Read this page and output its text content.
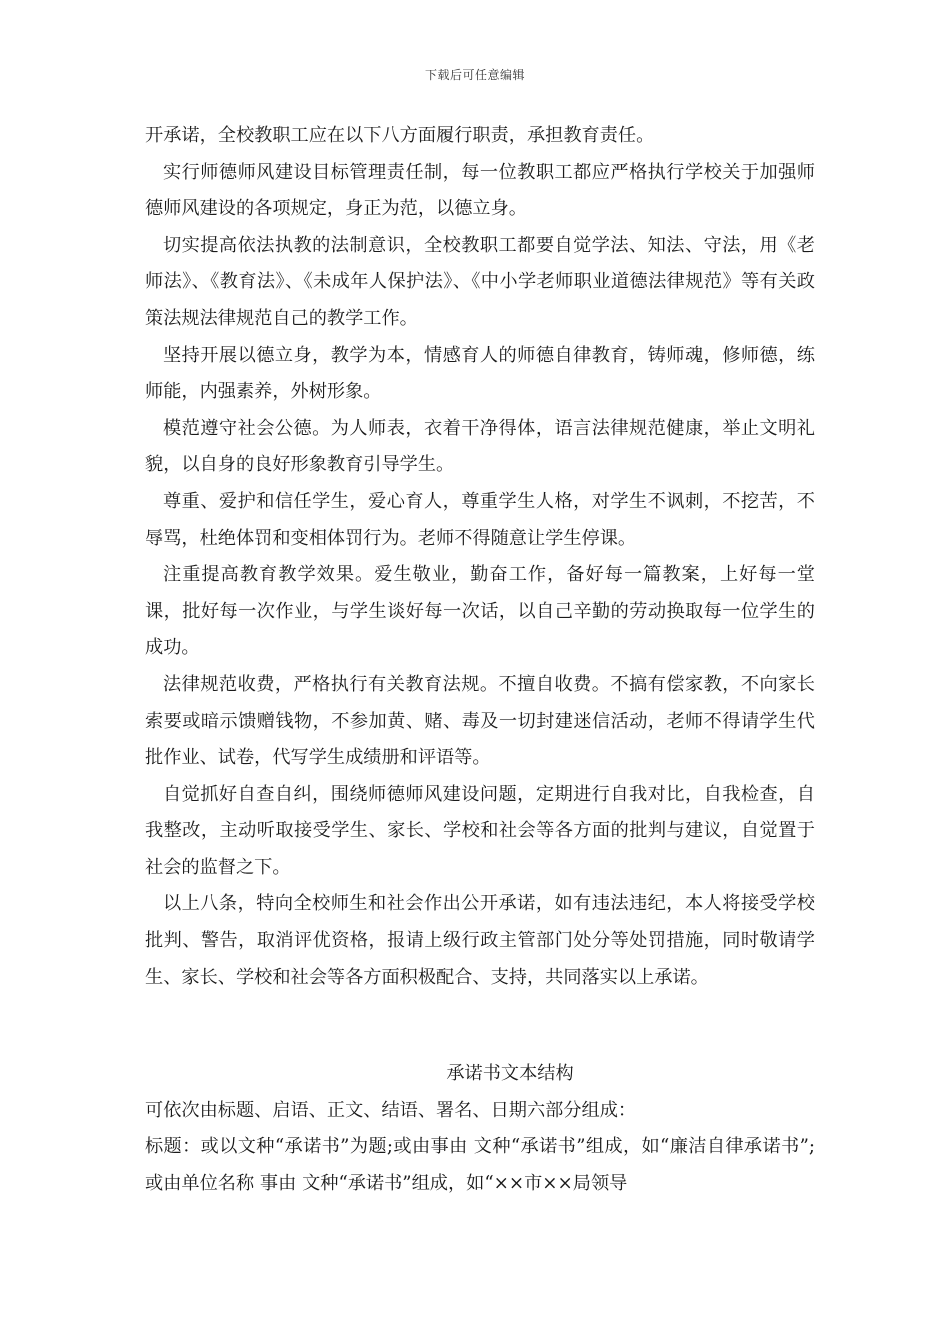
下载后可任意编辑

开承诺，全校教职工应在以下八方面履行职责，承担教育责任。

实行师德师风建设目标管理责任制，每一位教职工都应严格执行学校关于加强师德师风建设的各项规定，身正为范，以德立身。

切实提高依法执教的法制意识，全校教职工都要自觉学法、知法、守法，用《老师法》、《教育法》、《未成年人保护法》、《中小学老师职业道德法律规范》等有关政策法规法律规范自己的教学工作。

坚持开展以德立身，教学为本，情感育人的师德自律教育，铸师魂，修师德，练师能，内强素养，外树形象。

模范遵守社会公德。为人师表，衣着干净得体，语言法律规范健康，举止文明礼貌，以自身的良好形象教育引导学生。

尊重、爱护和信任学生，爱心育人，尊重学生人格，对学生不讽刺，不挖苦，不辱骂，杜绝体罚和变相体罚行为。老师不得随意让学生停课。

注重提高教育教学效果。爱生敬业，勤奋工作，备好每一篇教案，上好每一堂课，批好每一次作业，与学生谈好每一次话，以自己辛勤的劳动换取每一位学生的成功。

法律规范收费，严格执行有关教育法规。不擅自收费。不搞有偿家教，不向家长索要或暗示馈赠钱物，不参加黄、赌、毒及一切封建迷信活动，老师不得请学生代批作业、试卷，代写学生成绩册和评语等。

自觉抓好自查自纠，围绕师德师风建设问题，定期进行自我对比，自我检查，自我整改，主动听取接受学生、家长、学校和社会等各方面的批判与建议，自觉置于社会的监督之下。

以上八条，特向全校师生和社会作出公开承诺，如有违法违纪，本人将接受学校批判、警告，取消评优资格，报请上级行政主管部门处分等处罚措施，同时敬请学生、家长、学校和社会等各方面积极配合、支持，共同落实以上承诺。

承诺书文本结构

可依次由标题、启语、正文、结语、署名、日期六部分组成：

标题：或以文种“承诺书”为题;或由事由 文种“承诺书”组成，如“廉洁自律承诺书”;或由单位名称 事由 文种“承诺书”组成，如“××市××局领导
